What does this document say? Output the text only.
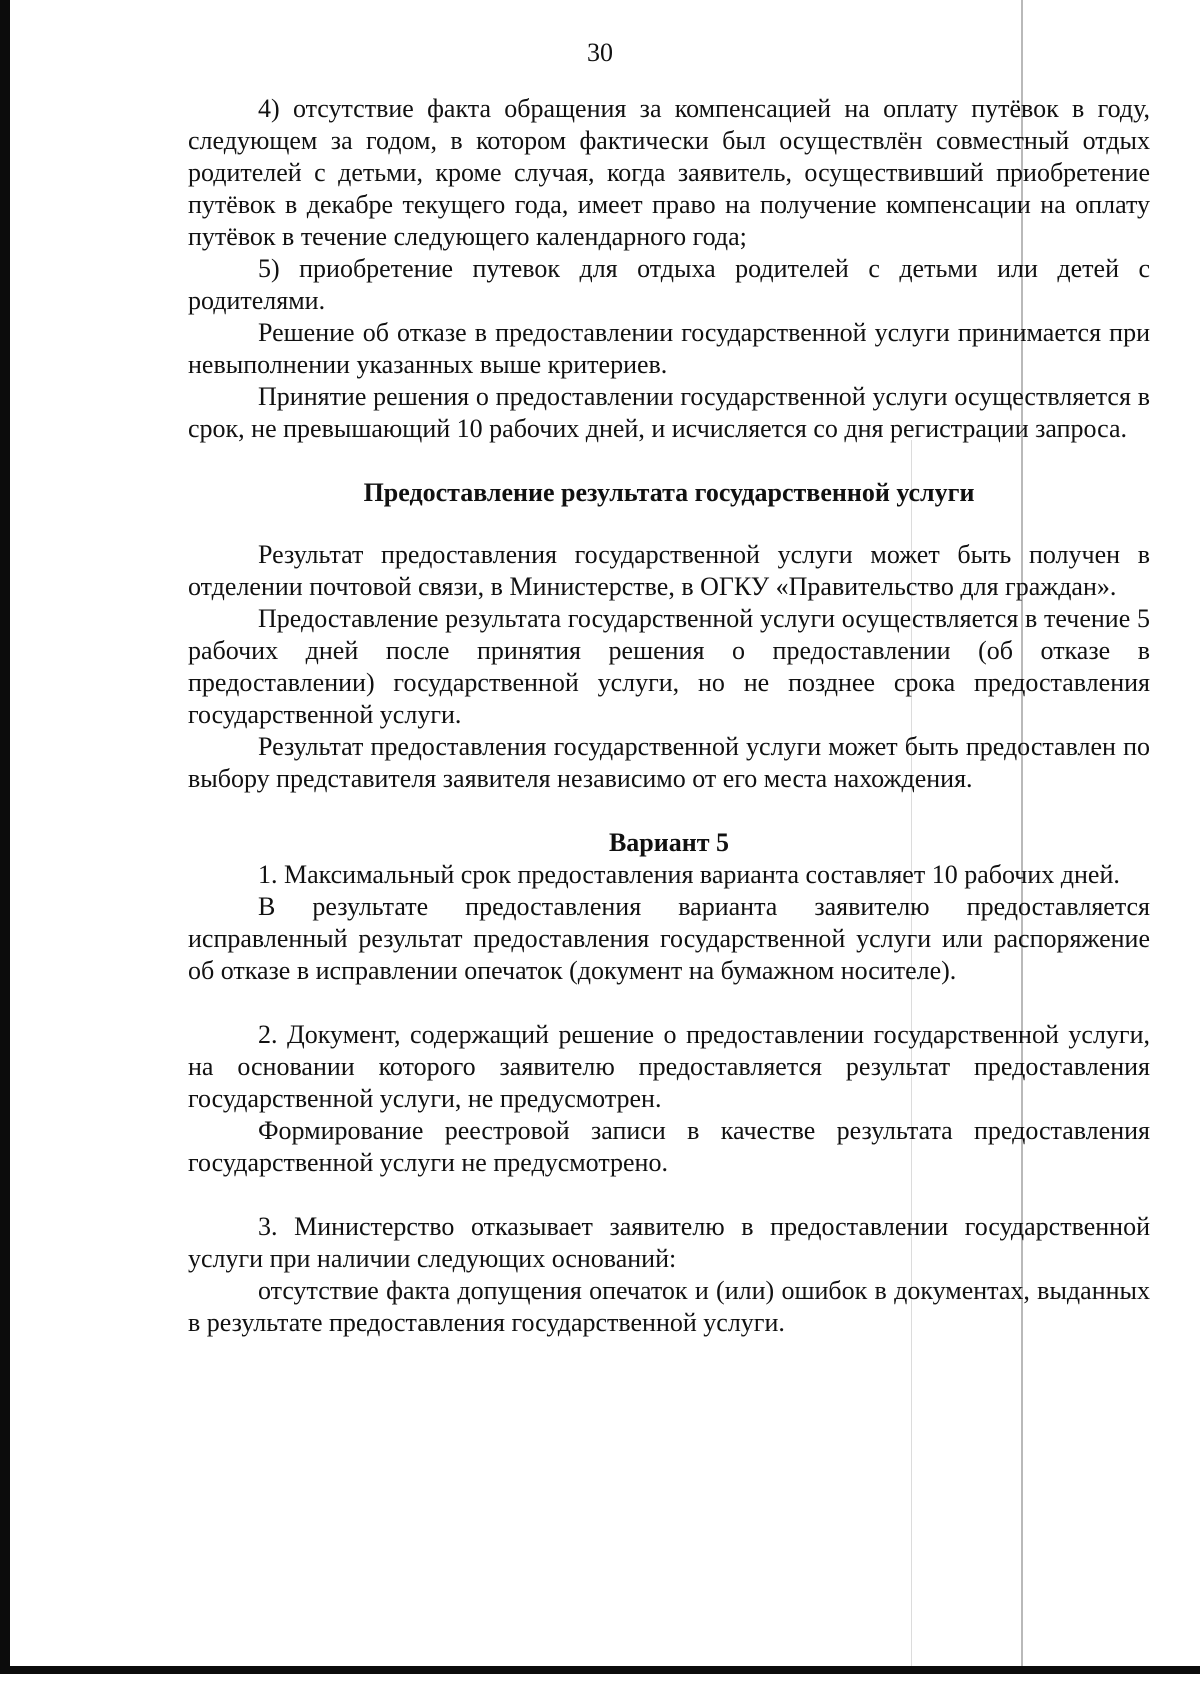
30

4) отсутствие факта обращения за компенсацией на оплату путёвок в году, следующем за годом, в котором фактически был осуществлён совместный отдых родителей с детьми, кроме случая, когда заявитель, осуществивший приобретение путёвок в декабре текущего года, имеет право на получение компенсации на оплату путёвок в течение следующего календарного года;

5) приобретение путевок для отдыха родителей с детьми или детей с родителями.

Решение об отказе в предоставлении государственной услуги принимается при невыполнении указанных выше критериев.

Принятие решения о предоставлении государственной услуги осуществляется в срок, не превышающий 10 рабочих дней, и исчисляется со дня регистрации запроса.

Предоставление результата государственной услуги

Результат предоставления государственной услуги может быть получен в отделении почтовой связи, в Министерстве, в ОГКУ «Правительство для граждан».

Предоставление результата государственной услуги осуществляется в течение 5 рабочих дней после принятия решения о предоставлении (об отказе в предоставлении) государственной услуги, но не позднее срока предоставления государственной услуги.

Результат предоставления государственной услуги может быть предоставлен по выбору представителя заявителя независимо от его места нахождения.

Вариант 5

1. Максимальный срок предоставления варианта составляет 10 рабочих дней.

В результате предоставления варианта заявителю предоставляется исправленный результат предоставления государственной услуги или распоряжение об отказе в исправлении опечаток (документ на бумажном носителе).

2. Документ, содержащий решение о предоставлении государственной услуги, на основании которого заявителю предоставляется результат предоставления государственной услуги, не предусмотрен.

Формирование реестровой записи в качестве результата предоставления государственной услуги не предусмотрено.

3. Министерство отказывает заявителю в предоставлении государственной услуги при наличии следующих оснований:

отсутствие факта допущения опечаток и (или) ошибок в документах, выданных в результате предоставления государственной услуги.
